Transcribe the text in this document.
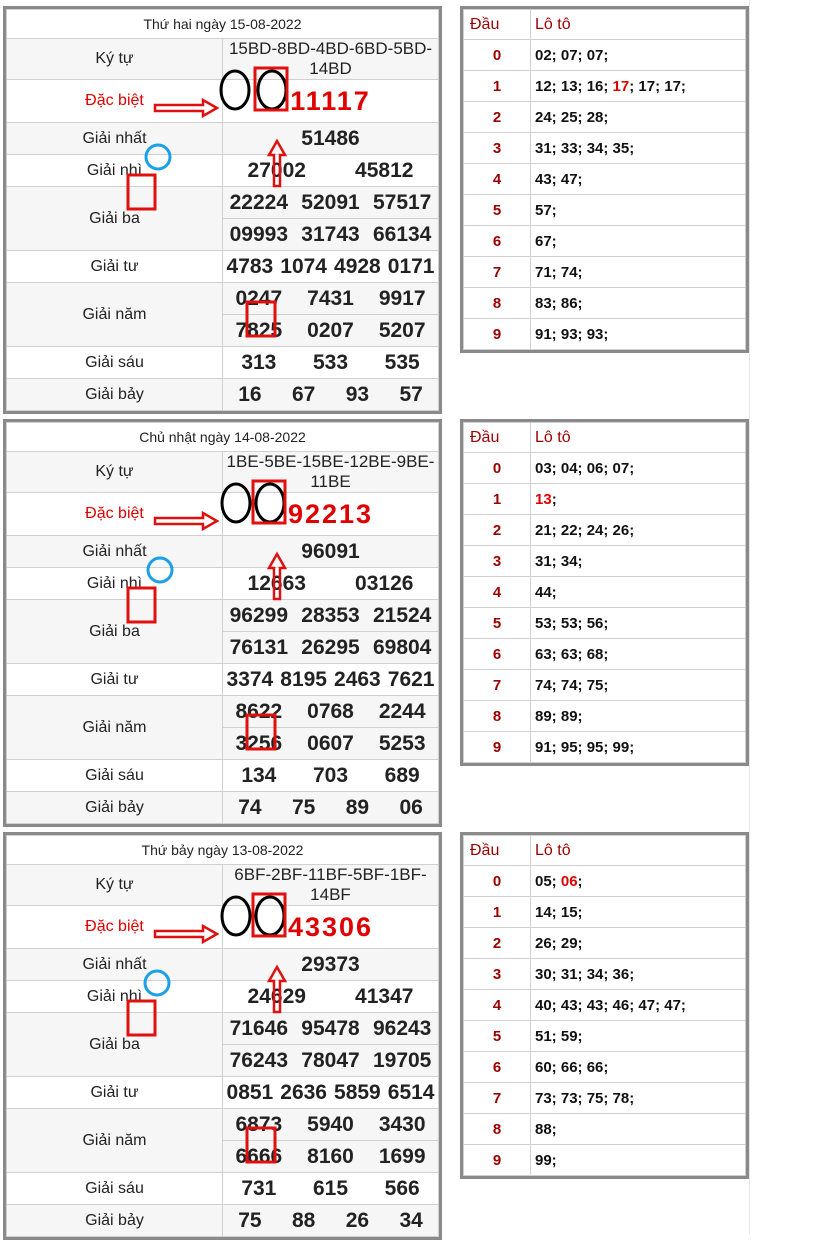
Thứ hai ngày 15-08-2022	
Ký tự	15BD-8BD-4BD-6BD-5BD-14BD
Đặc biệt	11117
Giải nhất	51486
Giải nhì	27002 45812

Giải ba	22224 52091 57517

	09993 31743 66134

Giải tư	4783 1074 4928 0171

Giải năm	0247 7431 9917

	7825 0207 5207

Giải sáu	313 533 535

Giải bảy	16 67 93 57
Chủ nhật ngày 14-08-2022	
Ký tự	1BE-5BE-15BE-12BE-9BE-11BE
Đặc biệt	92213
Giải nhất	96091
Giải nhì	12663 03126

Giải ba	96299 28353 21524

	76131 26295 69804

Giải tư	3374 8195 2463 7621

Giải năm	8622 0768 2244

	3256 0607 5253

Giải sáu	134 703 689

Giải bảy	74 75 89 06
Thứ bảy ngày 13-08-2022	
Ký tự	6BF-2BF-11BF-5BF-1BF-14BF
Đặc biệt	43306
Giải nhất	29373
Giải nhì	24629 41347

Giải ba	71646 95478 96243

	76243 78047 19705

Giải tư	0851 2636 5859 6514

Giải năm	6873 5940 3430

	6666 8160 1699

Giải sáu	731 615 566

Giải bảy	75 88 26 34
Đầu	Lô tô
0	02; 07; 07;
1	12; 13; 16; 17; 17; 17;
2	24; 25; 28;
3	31; 33; 34; 35;
4	43; 47;
5	57;
6	67;
7	71; 74;
8	83; 86;
9	91; 93; 93;
Đầu	Lô tô
0	03; 04; 06; 07;
1	13;
2	21; 22; 24; 26;
3	31; 34;
4	44;
5	53; 53; 56;
6	63; 63; 68;
7	74; 74; 75;
8	89; 89;
9	91; 95; 95; 99;
Đầu	Lô tô
0	05; 06;
1	14; 15;
2	26; 29;
3	30; 31; 34; 36;
4	40; 43; 43; 46; 47; 47;
5	51; 59;
6	60; 66; 66;
7	73; 73; 75; 78;
8	88;
9	99;
